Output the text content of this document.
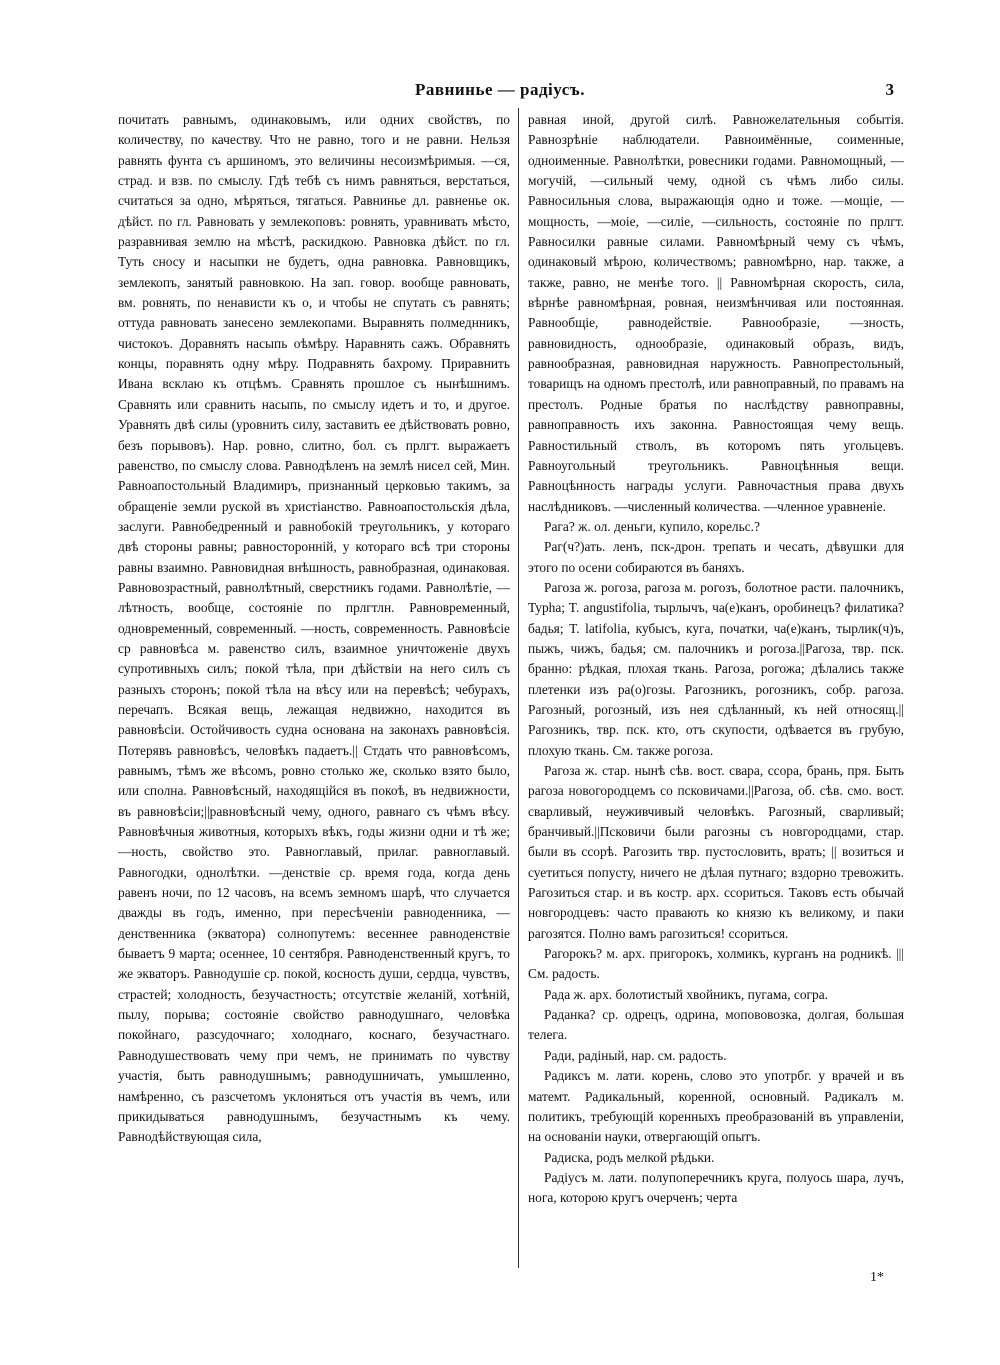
Равнинье — радіусъ.	3

почитать равнымъ, одинаковымъ, или одних свойствъ, по количеству, по качеству. Что не равно, того и не равни. Нельзя равнять фунта съ аршиномъ, это величины несоизмѣримыя. —ся, страд. и взв. по смыслу. Гдѣ тебѣ съ нимъ равняться, верстаться, считаться за одно, мѣряться, тягаться. Равнинье дл. равненье ок. дѣйст. по гл. Равновать у землекоповъ: ровнять, уравнивать мѣсто, разравнивая землю на мѣстѣ, раскидкою. Равновка дѣйст. по гл. Туть сносу и насыпки не будетъ, одна равновка. Равновщикъ, землекопъ, занятый равновкою. На зап. говор. вообще равновать, вм. ровнять, по ненависти къ о, и чтобы не спутать съ равнять; оттуда равновать занесено землекопами. Выравнять полмеднникъ, чистокоъ. Доравнять насыпь оѣмѣру. Наравнять сажъ. Обравнять концы, поравнять одну мѣру. Подравнять бахрому. Приравнить Ивана всклаю къ отцѣмъ. Сравнять прошлое съ нынѣшнимъ. Сравнять или сравнить насыпь, по смыслу идетъ и то, и другое. Уравнять двѣ силы (уровнить силу, заставить ее дѣйствовать ровно, безъ порывовъ). Нар. ровно, слитно, бол. съ прлгт. выражаетъ равенство, по смыслу слова. Равнодѣленъ на землѣ нисел сей, Мин. Равноапостольный Владимиръ, признанный церковью такимъ, за обращеніе земли руской въ христіанство. Равноапостольскія дѣла, заслуги. Равнобедренный и равнобокій треугольникъ, у котораго двѣ стороны равны; равносторонній, у котораго всѣ три стороны равны взаимно. Равновидная внѣшность, равнобразная, одинаковая. Равновозрастный, равнолѣтный, сверстникъ годами. Равнолѣтіе, —лѣтность, вообще, состояніе по прлгтлн. Равновременный, одновременный, современный. —ность, современность. Равновѣсіе ср равновѣса м. равенство силъ, взаимное уничтоженіе двухъ супротивныхъ силъ; покой тѣла, при дѣйствіи на него силъ съ разныхъ сторонъ; покой тѣла на вѣсу или на перевѣсѣ; чебурахъ, перечапъ. Всякая вещь, лежащая недвижно, находится въ равновѣсіи. Остойчивость судна основана на законахъ равновѣсія. Потерявъ равновѣсъ, человѣкъ падаетъ.|| Стдать что равновѣсомъ, равнымъ, тѣмъ же вѣсомъ, ровно столько же, сколько взято было, или сполна. Равновѣсный, находящійся въ покоѣ, въ недвижности, въ равновѣсіи;||равновѣсный чему, одного, равнаго съ чѣмъ вѣсу. Равновѣчныя животныя, которыхъ вѣкъ, годы жизни одни и тѣ же; —ность, свойство это. Равноглавый, прилаг. равноглавый. Равногодки, однолѣтки. —денствіе ср. время года, когда день равенъ ночи, по 12 часовъ, на всемъ земномъ шарѣ, что случается дважды въ годъ, именно, при пересѣченіи равноденника, —денственника (экватора) солнопутемъ: весеннее равноденствіе бываетъ 9 марта; осеннее, 10 сентября. Равноденственный кругъ, то же экваторъ. Равнодушіе ср. покой, косность души, сердца, чувствъ, страстей; холодность, безучастность; отсутствіе желаній, хотѣній, пылу, порыва; состояніе свойство равнодушнаго, человѣка покойнаго, разсудочнаго; холоднаго, коснаго, безучастнаго. Равнодушествовать чему при чемъ, не принимать по чувству участія, быть равнодушнымъ; равнодушничать, умышленно, намѣренно, съ разсчетомъ уклоняться отъ участія въ чемъ, или прикидываться равнодушнымъ, безучастнымъ къ чему. Равнодѣйствующая сила,

равная иной, другой силѣ. Равножелательныя событія. Равнозрѣніе наблюдатели. Равноимённые, соименные, одноименные. Равнолѣтки, ровесники годами. Равномощный, —могучій, —сильный чему, одной съ чѣмъ либо силы. Равносильныя слова, выражающія одно и тоже. —мощіе, —мощность, —моіе, —силіе, —сильность, состояніе по прлгт. Равносилки равные силами. Равномѣрный чему съ чѣмъ, одинаковый мѣрою, количествомъ; равномѣрно, нар. также, а также, равно, не менѣе того. || Равномѣрная скорость, сила, вѣрнѣе равномѣрная, ровная, неизмѣнчивая или постоянная. Равнообщіе, равнодействіе. Равнообразіе, —зность, равновидность, однообразіе, одинаковый образъ, видъ, равнообразная, равновидная наружность. Равнопрестольный, товарищъ на одномъ престолѣ, или равноправный, по правамъ на престолъ. Родные братья по наслѣдству равноправны, равноправность ихъ законна. Равностоящая чему вещь. Равностильный стволъ, въ которомъ пять угольцевъ. Равноугольный треугольникъ. Равноцѣнныя вещи. Равноцѣнность награды услуги. Равночастныя права двухъ наслѣдниковъ. —численный количества. —членное уравненіе.

Рага? ж. ол. деньги, купило, корельс.?

Раг(ч?)ать. ленъ, пск-дрон. трепать и чесать, дѣвушки для этого по осени собираются въ баняхъ.

Рагоза ж. рогоза, рагоза м. рогозъ, болотное расти. палочникъ, Typha; T. angustifolia, тырлычъ, ча(е)канъ, оробинецъ? филатика? бадья; T. latifolia, кубысъ, куга, початки, ча(е)канъ, тырлик(ч)ъ, пыжъ, чижъ, бадья; см. палочникъ и рогоза.||Рагоза, твр. пск. бранно: рѣдкая, плохая ткань. Рагоза, рогожа; дѣлались также плетенки изъ ра(о)гозы. Рагозникъ, рогозникъ, собр. рагоза. Рагозный, рогозный, изъ нея сдѣланный, къ ней относящ.||Рагозникъ, твр. пск. кто, отъ скупости, одѣвается въ грубую, плохую ткань. См. также рогоза.

Рагоза ж. стар. нынѣ сѣв. вост. свара, ссора, брань, пря. Быть рагоза новогородцемъ со псковичами.||Рагоза, об. сѣв. смо. вост. сварливый, неуживчивый человѣкъ. Рагозный, сварливый; бранчивый.||Псковичи были рагозны съ новгородцами, стар. были въ ссорѣ. Рагозить твр. пустословить, врать; || возиться и суетиться попусту, ничего не дѣлая путнаго; вздорно тревожить. Рагозиться стар. и въ костр. арх. ссориться. Таковъ есть обычай новгородцевъ: часто правають ко князю къ великому, и паки рагозятся. Полно вамъ рагозиться! ссориться.

Рагорокъ? м. арх. пригорокъ, холмикъ, курганъ на родникѣ. ||| См. радость.

Рада ж. арх. болотистый хвойникъ, пугама, согра.

Раданка? ср. одрецъ, одрина, мопововозка, долгая, большая телега.

Ради, радіный, нар. см. радость.

Радиксъ м. лати. корень, слово это употрбг. у врачей и въ матемт. Радикальный, коренной, основный. Радикалъ м. политикъ, требующій коренныхъ преобразованій въ управленіи, на основаніи науки, отвергающій опытъ.

Радиска, родъ мелкой рѣдьки.

Радіусъ м. лати. полупоперечникъ круга, полуось шара, лучъ, нога, которою кругъ очерченъ; черта

1*
